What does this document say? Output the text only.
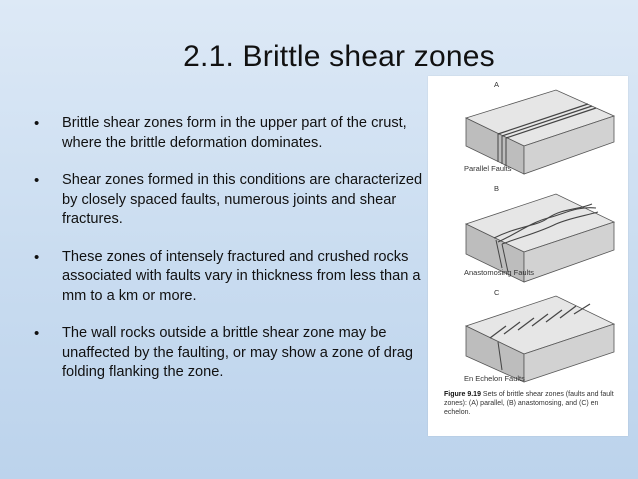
2.1. Brittle shear zones
• Brittle shear zones form in the upper part of the crust, where the brittle deformation dominates.
• Shear zones formed in this conditions are characterized by closely spaced faults, numerous joints and shear fractures.
• These zones of intensely fractured and crushed rocks associated with faults vary in thickness from less than a mm to a km or more.
• The wall rocks outside a brittle shear zone may be unaffected by the faulting, or may show a zone of drag folding flanking the zone.
A
Parallel Faults
B
Anastomosing Faults
C
En Echelon Faults
Figure 9.19 Sets of brittle shear zones (faults and fault zones): (A) parallel, (B) anastomosing, and (C) en echelon.
